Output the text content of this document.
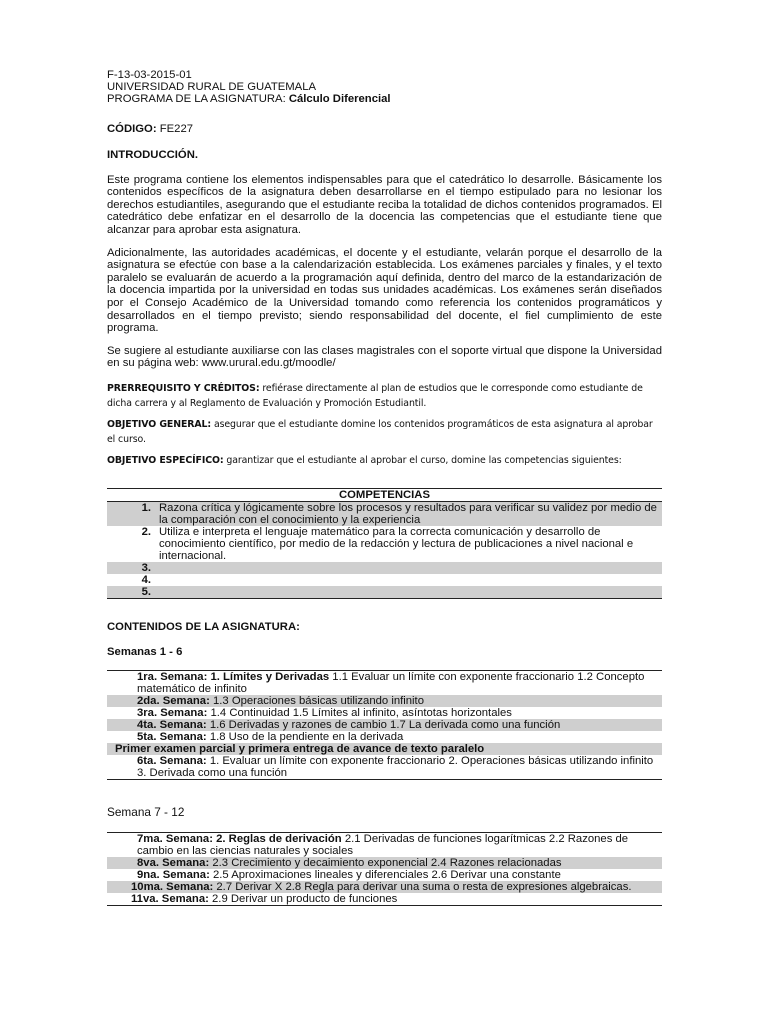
F-13-03-2015-01
UNIVERSIDAD RURAL DE GUATEMALA
PROGRAMA DE LA ASIGNATURA: Cálculo Diferencial
CÓDIGO: FE227
INTRODUCCIÓN.

Este programa contiene los elementos indispensables para que el catedrático lo desarrolle. Básicamente los contenidos específicos de la asignatura deben desarrollarse en el tiempo estipulado para no lesionar los derechos estudiantiles, asegurando que el estudiante reciba la totalidad de dichos contenidos programados. El catedrático debe enfatizar en el desarrollo de la docencia las competencias que el estudiante tiene que alcanzar para aprobar esta asignatura.

Adicionalmente, las autoridades académicas, el docente y el estudiante, velarán porque el desarrollo de la asignatura se efectúe con base a la calendarización establecida. Los exámenes parciales y finales, y el texto paralelo se evaluarán de acuerdo a la programación aquí definida, dentro del marco de la estandarización de la docencia impartida por la universidad en todas sus unidades académicas. Los exámenes serán diseñados por el Consejo Académico de la Universidad tomando como referencia los contenidos programáticos y desarrollados en el tiempo previsto; siendo responsabilidad del docente, el fiel cumplimiento de este programa.

Se sugiere al estudiante auxiliarse con las clases magistrales con el soporte virtual que dispone la Universidad en su página web: www.urural.edu.gt/moodle/

PRERREQUISITO Y CRÉDITOS: refiérase directamente al plan de estudios que le corresponde como estudiante de dicha carrera y al Reglamento de Evaluación y Promoción Estudiantil.
OBJETIVO GENERAL: asegurar que el estudiante domine los contenidos programáticos de esta asignatura al aprobar el curso.
OBJETIVO ESPECÍFICO: garantizar que el estudiante al aprobar el curso, domine las competencias siguientes:
COMPETENCIAS	
1.	Razona crítica y lógicamente sobre los procesos y resultados para verificar su validez por medio de la comparación con el conocimiento y la experiencia
2.	Utiliza e interpreta el lenguaje matemático para la correcta comunicación y desarrollo de conocimiento científico, por medio de la redacción y lectura de publicaciones a nivel nacional e internacional.
3.	
4.	
5.	
CONTENIDOS DE LA ASIGNATURA:
Semanas 1 - 6
1ra. Semana: 1. Límites y Derivadas 1.1 Evaluar un límite con exponente fraccionario 1.2 Concepto matemático de infinito
2da. Semana: 1.3 Operaciones básicas utilizando infinito
3ra. Semana: 1.4 Continuidad 1.5 Límites al infinito, asíntotas horizontales
4ta. Semana: 1.6 Derivadas y razones de cambio 1.7 La derivada como una función
5ta. Semana: 1.8 Uso de la pendiente en la derivada
Primer examen parcial y primera entrega de avance de texto paralelo
6ta. Semana: 1. Evaluar un límite con exponente fraccionario 2. Operaciones básicas utilizando infinito 3. Derivada como una función
Semana 7 - 12
7ma. Semana: 2. Reglas de derivación 2.1 Derivadas de funciones logarítmicas 2.2 Razones de cambio en las ciencias naturales y sociales
8va. Semana: 2.3 Crecimiento y decaimiento exponencial 2.4 Razones relacionadas
9na. Semana: 2.5 Aproximaciones lineales y diferenciales 2.6 Derivar una constante
10ma. Semana: 2.7 Derivar X 2.8 Regla para derivar una suma o resta de expresiones algebraicas.
11va. Semana: 2.9 Derivar un producto de funciones
